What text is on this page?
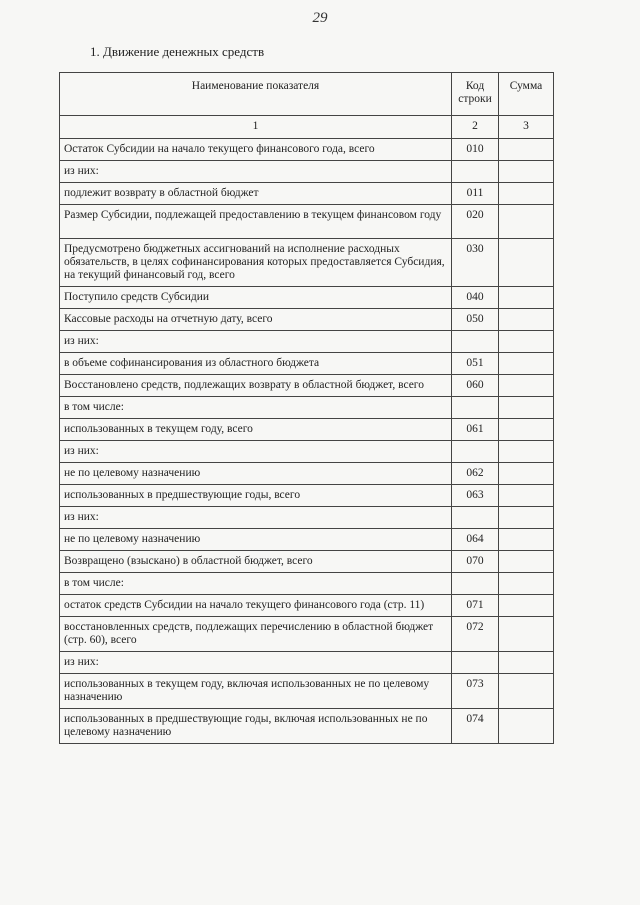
29
1. Движение денежных средств
Наименование показателя	Код строки	Сумма
1	2	3
Остаток Субсидии на начало текущего финансового года, всего	010	
из них:		
подлежит возврату в областной бюджет	011	
Размер Субсидии, подлежащей предоставлению в текущем финансовом году	020	
Предусмотрено бюджетных ассигнований на исполнение расходных обязательств, в целях софинансирования которых предоставляется Субсидия, на текущий финансовый год, всего	030	
Поступило средств Субсидии	040	
Кассовые расходы на отчетную дату, всего	050	
из них:		
в объеме софинансирования из областного бюджета	051	
Восстановлено средств, подлежащих возврату в областной бюджет, всего	060	
в том числе:		
использованных в текущем году, всего	061	
из них:		
не по целевому назначению	062	
использованных в предшествующие годы, всего	063	
из них:		
не по целевому назначению	064	
Возвращено (взыскано) в областной бюджет, всего	070	
в том числе:		
остаток средств Субсидии на начало текущего финансового года (стр. 11)	071	
восстановленных средств, подлежащих перечислению в областной бюджет (стр. 60), всего	072	
из них:		
использованных в текущем году, включая использованных не по целевому назначению	073	
использованных в предшествующие годы, включая использованных не по целевому назначению	074	
